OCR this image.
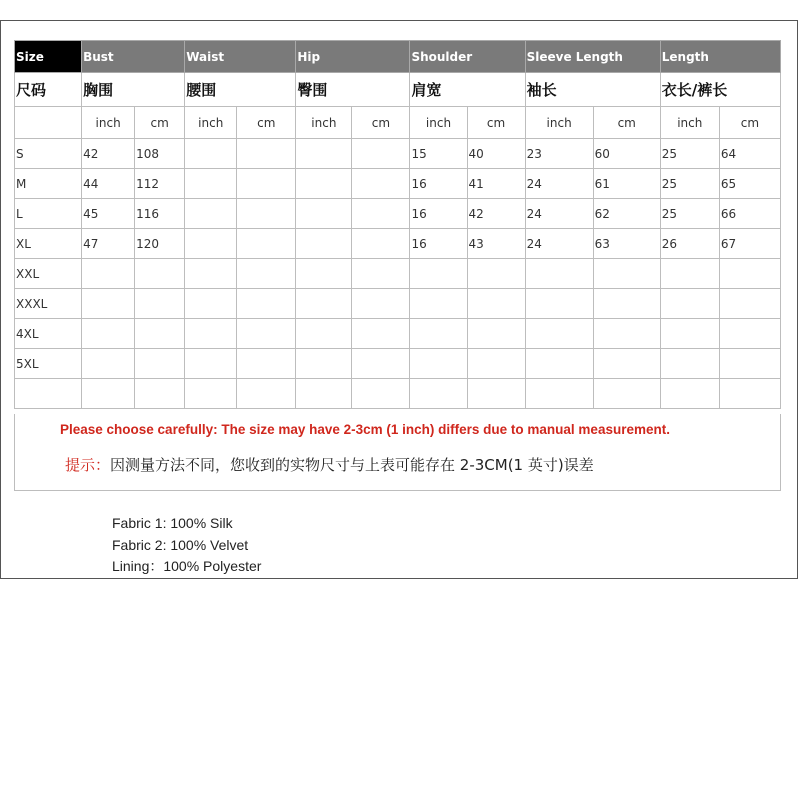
Size	Bust		Waist		Hip		Shoulder		Sleeve Length		Length	
尺码	胸围		腰围		臀围		肩宽		袖长		衣长/裤长	
	inch	cm	inch	cm	inch	cm	inch	cm	inch	cm	inch	cm
S	42	108					15	40	23	60	25	64
M	44	112					16	41	24	61	25	65
L	45	116					16	42	24	62	25	66
XL	47	120					16	43	24	63	26	67
XXL												
XXXL												
4XL												
5XL												

Please choose carefully: The size may have 2-3cm (1 inch) differs due to manual measurement.
提示：因测量方法不同，您收到的实物尺寸与上表可能存在 2-3CM(1 英寸)误差
Fabric 1: 100% Silk
Fabric 2: 100% Velvet
Lining：100% Polyester
